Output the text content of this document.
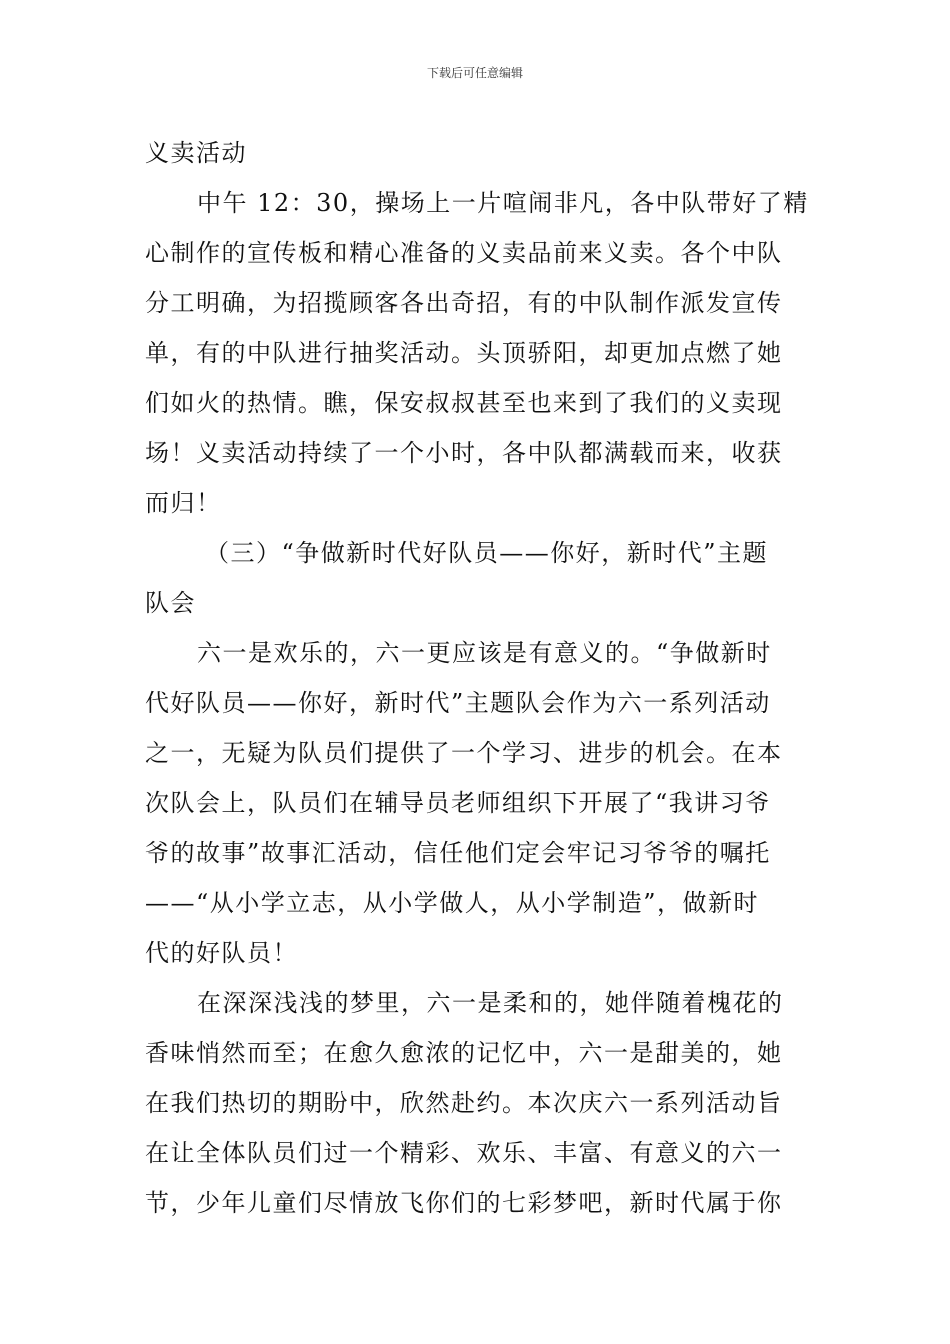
下载后可任意编辑
义卖活动
中午 12：30，操场上一片喧闹非凡，各中队带好了精
心制作的宣传板和精心准备的义卖品前来义卖。各个中队
分工明确，为招揽顾客各出奇招，有的中队制作派发宣传
单，有的中队进行抽奖活动。头顶骄阳，却更加点燃了她
们如火的热情。瞧，保安叔叔甚至也来到了我们的义卖现
场！义卖活动持续了一个小时，各中队都满载而来，收获
而归！
（三）“争做新时代好队员——你好，新时代”主题
队会
六一是欢乐的，六一更应该是有意义的。“争做新时
代好队员——你好，新时代”主题队会作为六一系列活动
之一，无疑为队员们提供了一个学习、进步的机会。在本
次队会上，队员们在辅导员老师组织下开展了“我讲习爷
爷的故事”故事汇活动，信任他们定会牢记习爷爷的嘱托
——“从小学立志，从小学做人，从小学制造”，做新时
代的好队员！
在深深浅浅的梦里，六一是柔和的，她伴随着槐花的
香味悄然而至；在愈久愈浓的记忆中，六一是甜美的，她
在我们热切的期盼中，欣然赴约。本次庆六一系列活动旨
在让全体队员们过一个精彩、欢乐、丰富、有意义的六一
节，少年儿童们尽情放飞你们的七彩梦吧，新时代属于你
